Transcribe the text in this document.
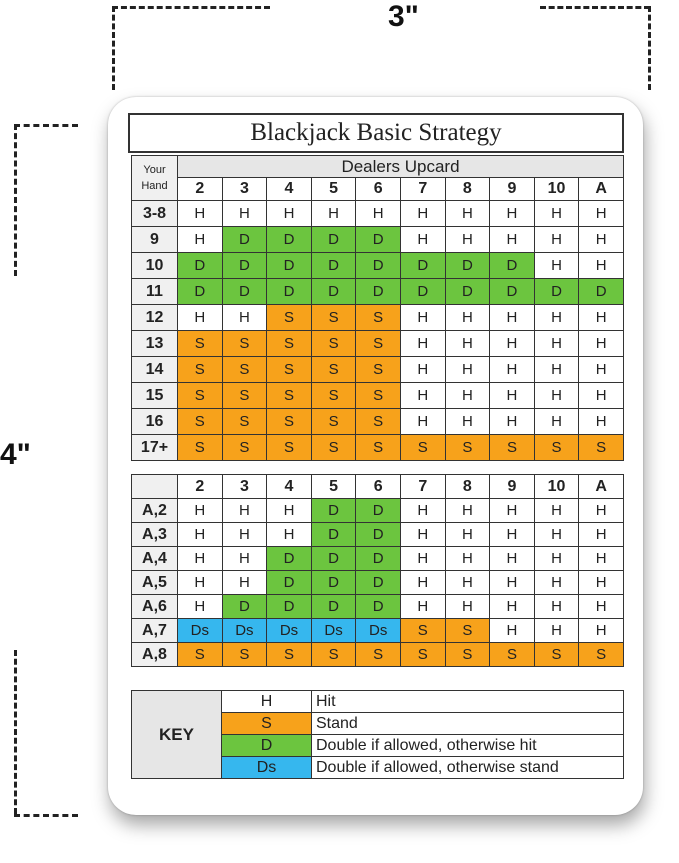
3"
4"
Blackjack Basic Strategy
Your
Hand	Dealers Upcard									
	2	3	4	5	6	7	8	9	10	A
3-8	H	H	H	H	H	H	H	H	H	H
9	H	D	D	D	D	H	H	H	H	H
10	D	D	D	D	D	D	D	D	H	H
11	D	D	D	D	D	D	D	D	D	D
12	H	H	S	S	S	H	H	H	H	H
13	S	S	S	S	S	H	H	H	H	H
14	S	S	S	S	S	H	H	H	H	H
15	S	S	S	S	S	H	H	H	H	H
16	S	S	S	S	S	H	H	H	H	H
17+	S	S	S	S	S	S	S	S	S	S
	2	3	4	5	6	7	8	9	10	A
A,2	H	H	H	D	D	H	H	H	H	H
A,3	H	H	H	D	D	H	H	H	H	H
A,4	H	H	D	D	D	H	H	H	H	H
A,5	H	H	D	D	D	H	H	H	H	H
A,6	H	D	D	D	D	H	H	H	H	H
A,7	Ds	Ds	Ds	Ds	Ds	S	S	H	H	H
A,8	S	S	S	S	S	S	S	S	S	S
KEY	H	Hit
	S	Stand
	D	Double if allowed, otherwise hit
	Ds	Double if allowed, otherwise stand
